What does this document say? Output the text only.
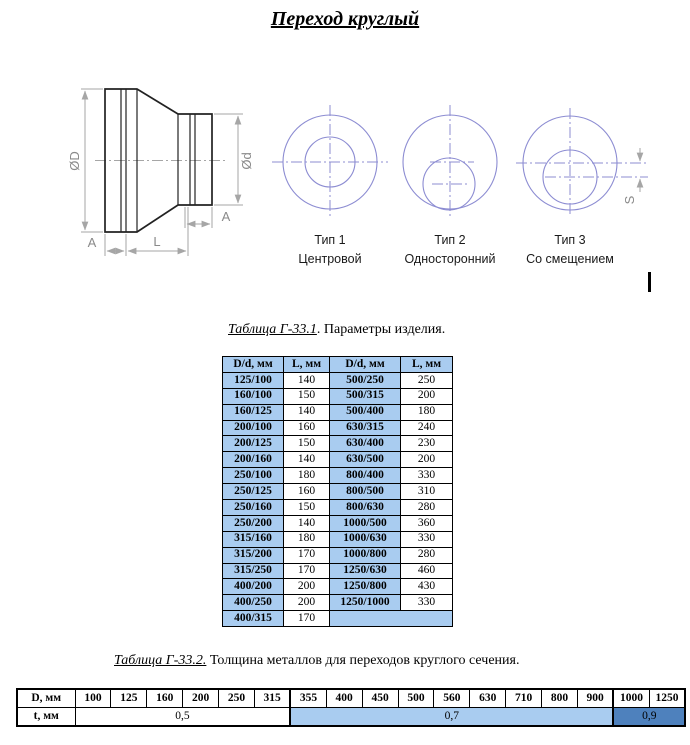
Переход круглый
ØD	Ød
A	L
A
S
Тип 1
Центровой
Тип 2
Односторонний
Тип 3
Со смещением
Таблица Г-33.1. Параметры изделия.
D/d, мм	L, мм	D/d, мм	L, мм
125/100	140	500/250	250
160/100	150	500/315	200
160/125	140	500/400	180
200/100	160	630/315	240
200/125	150	630/400	230
200/160	140	630/500	200
250/100	180	800/400	330
250/125	160	800/500	310
250/160	150	800/630	280
250/200	140	1000/500	360
315/160	180	1000/630	330
315/200	170	1000/800	280
315/250	170	1250/630	460
400/200	200	1250/800	430
400/250	200	1250/1000	330
400/315	170		
Таблица Г-33.2. Толщина металлов для переходов круглого сечения.
D, мм	100	125	160	200	250	315	355	400	450	500	560	630	710	800	900	1000	1250
t, мм	0,5						0,7									0,9	
